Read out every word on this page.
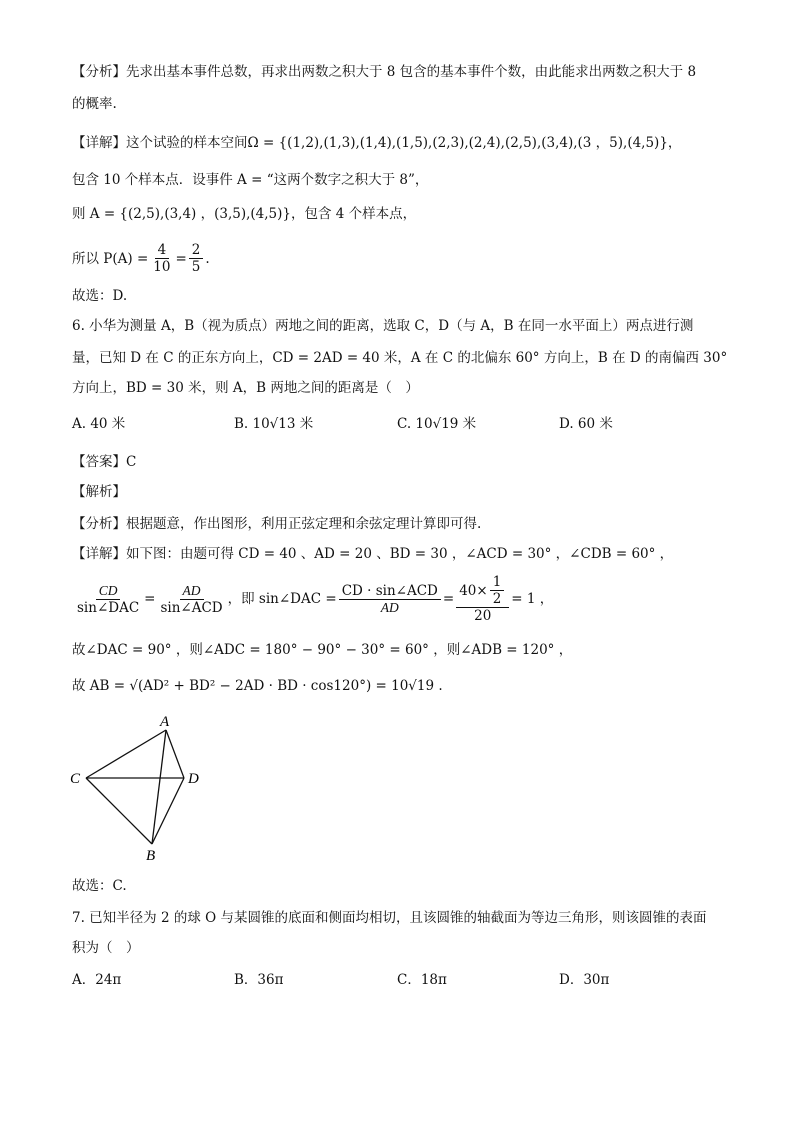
【分析】先求出基本事件总数，再求出两数之积大于 8 包含的基本事件个数，由此能求出两数之积大于 8
的概率.
【详解】这个试验的样本空间Ω = {(1,2),(1,3),(1,4),(1,5),(2,3),(2,4),(2,5),(3,4),(3 ，5),(4,5)}，
包含 10 个样本点．设事件 A = “这两个数字之积大于 8”，
则 A = {(2,5),(3,4) ，(3,5),(4,5)}，包含 4 个样本点，
所以 $P(A) = \frac{4}{10} = \frac{2}{5}$ .
故选：D.
6. 小华为测量 A，B（视为质点）两地之间的距离，选取 C，D（与 A，B 在同一水平面上）两点进行测
量，已知 D 在 C 的正东方向上，CD = 2AD = 40 米，A 在 C 的北偏东 60° 方向上，B 在 D 的南偏西 30°
方向上，BD = 30 米，则 A，B 两地之间的距离是（　）
A. 40 米	B. 10√13 米	C. 10√19 米	D. 60 米
【答案】C
【解析】
【分析】根据题意，作出图形，利用正弦定理和余弦定理计算即可得.
【详解】如下图：由题可得 CD = 40 、AD = 20 、BD = 30 ，∠ACD = 30° ，∠CDB = 60° ，
$\frac{CD}{\text{sin∠DAC}} = \frac{AD}{\text{sin∠ACD}}$ ，即 sin∠DAC = $\frac{\text{CD · sin∠ACD}}{AD} = \frac{40\times \frac{1}{2}}{20} = 1$ ，
故∠DAC = 90° ，则∠ADC = 180° − 90° − 30° = 60° ，则∠ADB = 120° ，
故 AB = √(AD² + BD² − 2AD · BD · cos120°) = 10√19 .
A
C	D
B
故选：C.
7. 已知半径为 2 的球 O 与某圆锥的底面和侧面均相切，且该圆锥的轴截面为等边三角形，则该圆锥的表面
积为（　）
A．24π	B．36π	C．18π	D．30π
